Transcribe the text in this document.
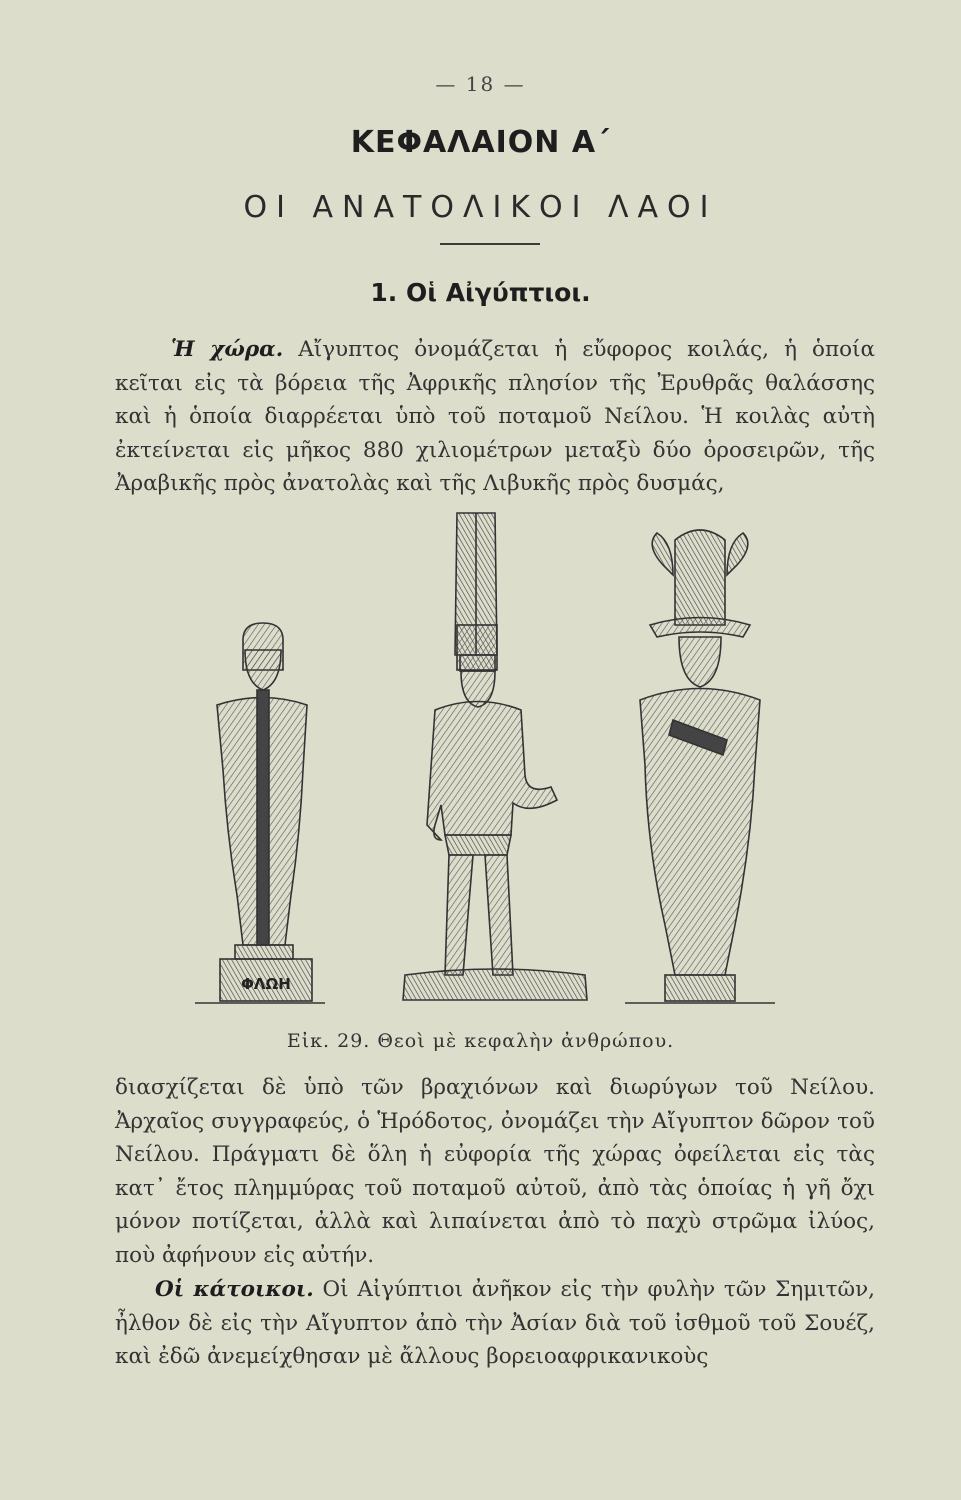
— 18 —
ΚΕΦΑΛΑΙΟΝ Α΄
ΟΙ ΑΝΑΤΟΛΙΚΟΙ ΛΑΟΙ
1. Οἱ Αἰγύπτιοι.
Ἡ χώρα. Αἴγυπτος ὀνομάζεται ἡ εὔφορος κοιλάς, ἡ ὁποία κεῖται εἰς τὰ βόρεια τῆς Ἀφρικῆς πλησίον τῆς Ἐρυθρᾶς θαλάσσης καὶ ἡ ὁποία διαρρέεται ὑπὸ τοῦ ποταμοῦ Νείλου. Ἡ κοιλὰς αὐτὴ ἐκτείνεται εἰς μῆκος 880 χιλιομέτρων μεταξὺ δύο ὀροσειρῶν, τῆς Ἀραβικῆς πρὸς ἀνατολὰς καὶ τῆς Λιβυκῆς πρὸς δυσμάς,
ΦΛΩΗ
Εἰκ. 29. Θεοὶ μὲ κεφαλὴν ἀνθρώπου.
διασχίζεται δὲ ὑπὸ τῶν βραχιόνων καὶ διωρύγων τοῦ Νείλου. Ἀρχαῖος συγγραφεύς, ὁ Ἡρόδοτος, ὀνομάζει τὴν Αἴγυπτον δῶρον τοῦ Νείλου. Πράγματι δὲ ὅλη ἡ εὐφορία τῆς χώρας ὀφείλεται εἰς τὰς κατ᾽ ἔτος πλημμύρας τοῦ ποταμοῦ αὐτοῦ, ἀπὸ τὰς ὁποίας ἡ γῆ ὄχι μόνον ποτίζεται, ἀλλὰ καὶ λιπαίνεται ἀπὸ τὸ παχὺ στρῶμα ἰλύος, ποὺ ἀφήνουν εἰς αὐτήν.
Οἱ κάτοικοι. Οἱ Αἰγύπτιοι ἀνῆκον εἰς τὴν φυλὴν τῶν Σημιτῶν, ἦλθον δὲ εἰς τὴν Αἴγυπτον ἀπὸ τὴν Ἀσίαν διὰ τοῦ ἰσθμοῦ τοῦ Σουέζ, καὶ ἐδῶ ἀνεμείχθησαν μὲ ἄλλους βορειοαφρικανικοὺς
